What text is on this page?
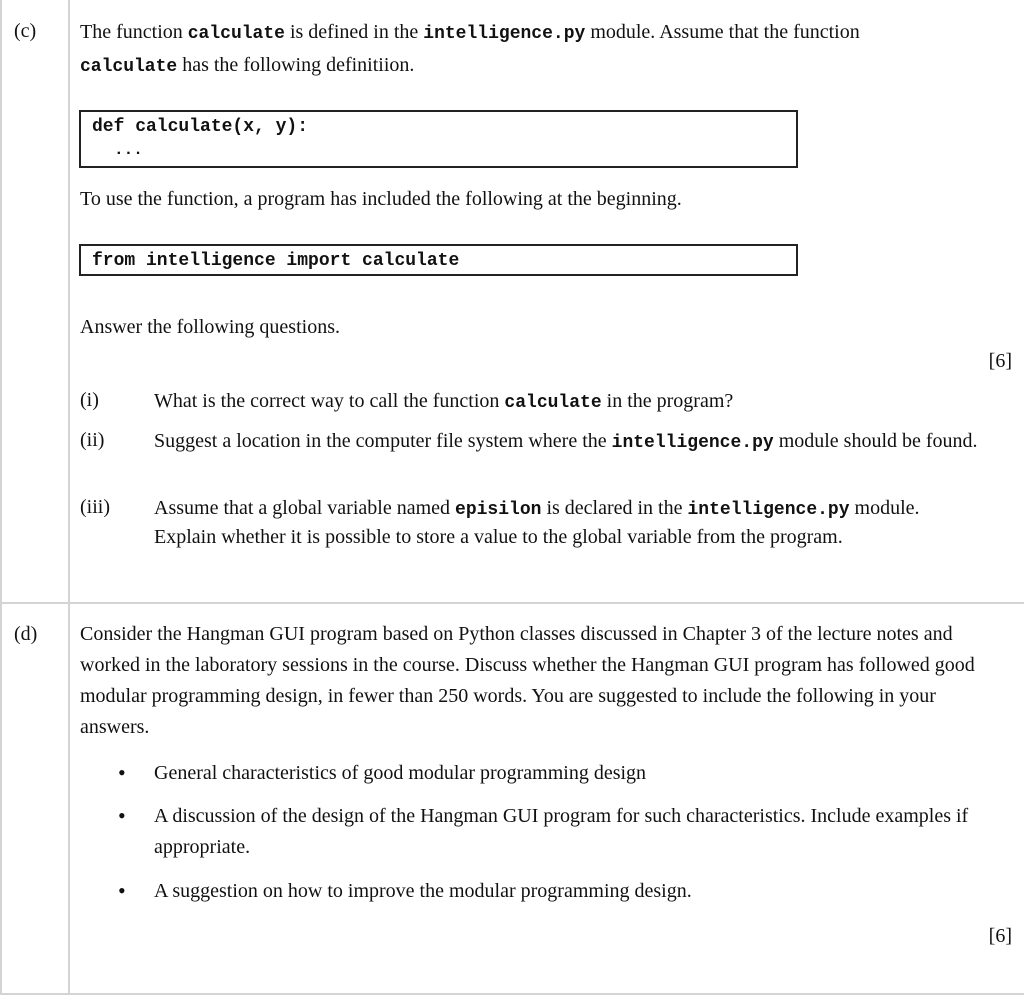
(c) The function calculate is defined in the intelligence.py module. Assume that the function
calculate has the following definitiion.
def calculate(x, y):
...
To use the function, a program has included the following at the beginning.
from intelligence import calculate
Answer the following questions.
[6]
(i)	What is the correct way to call the function calculate in the program?
(ii) Suggest a location in the computer file system where the intelligence.py module should be found.
(iii) Assume that a global variable named episilon is declared in the intelligence.py module. Explain whether it is possible to store a value to the global variable from the program.
(d) Consider the Hangman GUI program based on Python classes discussed in Chapter 3 of the lecture notes and worked in the laboratory sessions in the course. Discuss whether the Hangman GUI program has followed good modular programming design, in fewer than 250 words. You are suggested to include the following in your answers.
• General characteristics of good modular programming design
• A discussion of the design of the Hangman GUI program for such characteristics. Include examples if appropriate.
• A suggestion on how to improve the modular programming design.
[6]
